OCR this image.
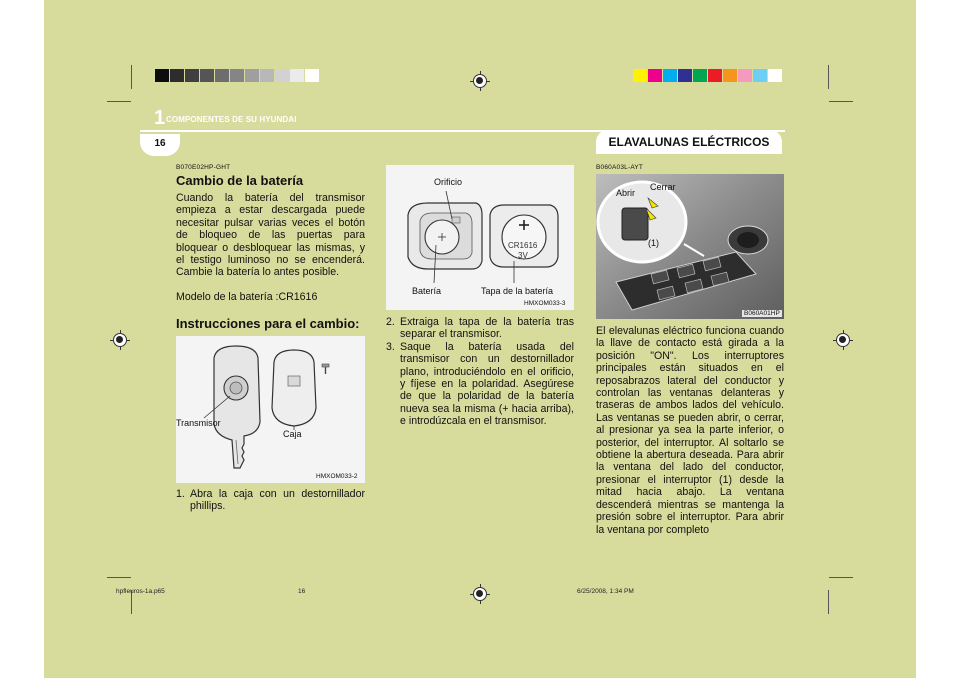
1 COMPONENTES DE SU HYUNDAI
16	ELAVALUNAS ELÉCTRICOS
B070E02HP-GHT
Cambio de la batería
Cuando la batería del transmisor empieza a estar descargada puede necesitar pulsar varias veces el botón de bloqueo de las puertas para bloquear o desbloquear las mismas, y el testigo luminoso no se encenderá. Cambie la batería lo antes posible.
Modelo de la batería :CR1616
Instrucciones para el cambio:
Transmisor
Caja
HMXOM033-2
1. Abra la caja con un destornillador phillips.
CR1616
3V
Orificio
Batería	Tapa de la batería
HMXOM033-3
2. Extraiga la tapa de la batería tras separar el transmisor.
3. Saque la batería usada del transmisor con un destornillador plano, introduciéndolo en el orificio, y fíjese en la polaridad. Asegúrese de que la polaridad de la batería nueva sea la misma (+ hacia arriba), e introdúzcala en el transmisor.
B060A03L-AYT
Abrir
Cerrar
(1)
B060A01HP
El elevalunas eléctrico funciona cuando la llave de contacto está girada a la posición "ON". Los interruptores principales están situados en el reposabrazos lateral del conductor y controlan las ventanas delanteras y traseras de ambos lados del vehículo. Las ventanas se pueden abrir, o cerrar, al presionar ya sea la parte inferior, o posterior, del interruptor. Al soltarlo se obtiene la abertura deseada. Para abrir la ventana del lado del conductor, presionar el interruptor (1) desde la mitad hacia abajo. La ventana descenderá mientras se mantenga la presión sobre el interruptor. Para abrir la ventana por completo
hpfleuros-1a.p65	16	6/25/2008, 1:34 PM
